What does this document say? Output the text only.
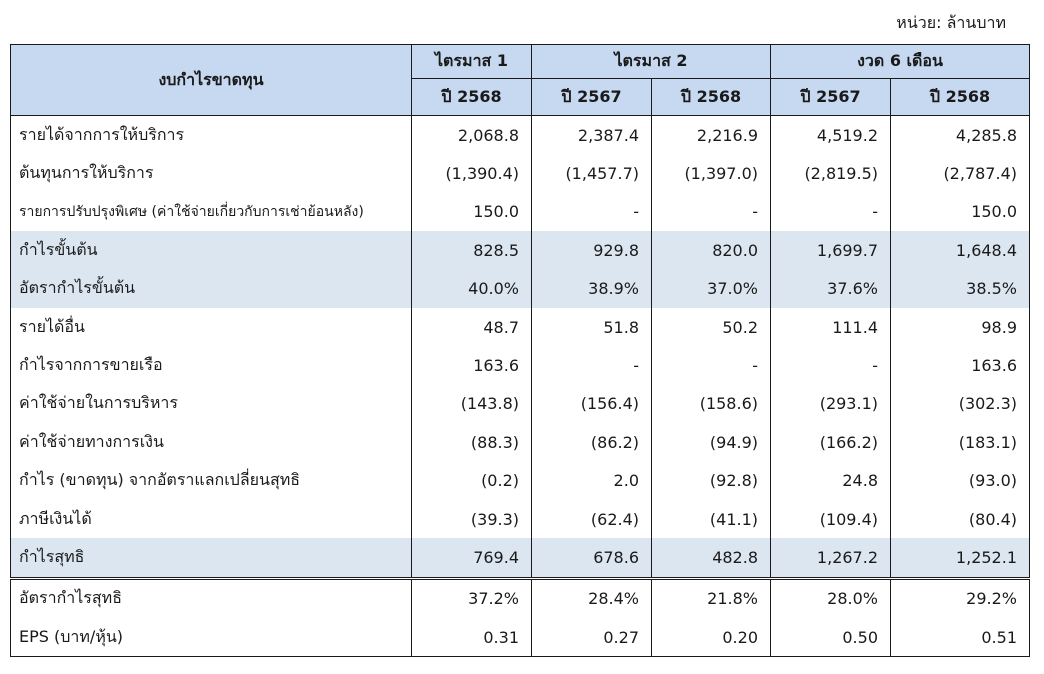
หน่วย: ล้านบาท
งบกำไรขาดทุน	ไตรมาส 1	ไตรมาส 2		งวด 6 เดือน	
	ปี 2568	ปี 2567	ปี 2568	ปี 2567	ปี 2568
รายได้จากการให้บริการ	2,068.8	2,387.4	2,216.9	4,519.2	4,285.8
ต้นทุนการให้บริการ	(1,390.4)	(1,457.7)	(1,397.0)	(2,819.5)	(2,787.4)
รายการปรับปรุงพิเศษ (ค่าใช้จ่ายเกี่ยวกับการเช่าย้อนหลัง)	150.0	-	-	-	150.0
กำไรขั้นต้น	828.5	929.8	820.0	1,699.7	1,648.4
อัตรากำไรขั้นต้น	40.0%	38.9%	37.0%	37.6%	38.5%
รายได้อื่น	48.7	51.8	50.2	111.4	98.9
กำไรจากการขายเรือ	163.6	-	-	-	163.6
ค่าใช้จ่ายในการบริหาร	(143.8)	(156.4)	(158.6)	(293.1)	(302.3)
ค่าใช้จ่ายทางการเงิน	(88.3)	(86.2)	(94.9)	(166.2)	(183.1)
กำไร (ขาดทุน) จากอัตราแลกเปลี่ยนสุทธิ	(0.2)	2.0	(92.8)	24.8	(93.0)
ภาษีเงินได้	(39.3)	(62.4)	(41.1)	(109.4)	(80.4)
กำไรสุทธิ	769.4	678.6	482.8	1,267.2	1,252.1
อัตรากำไรสุทธิ	37.2%	28.4%	21.8%	28.0%	29.2%
EPS (บาท/หุ้น)	0.31	0.27	0.20	0.50	0.51
